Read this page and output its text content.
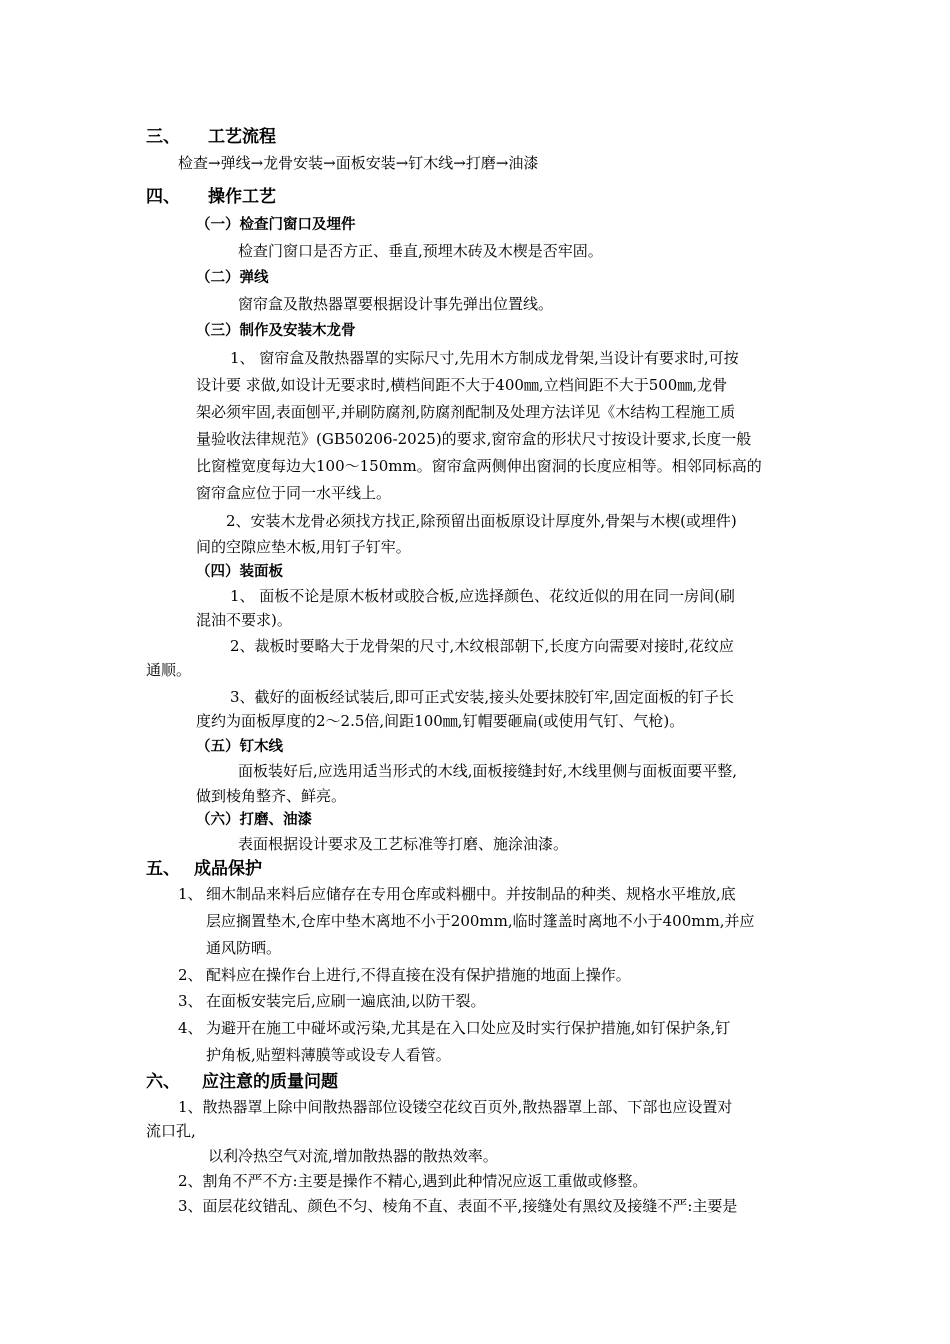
三、 工艺流程
检查→弹线→龙骨安装→面板安装→钉木线→打磨→油漆
四、 操作工艺
（一）检查门窗口及埋件
检查门窗口是否方正、垂直,预埋木砖及木楔是否牢固。
（二）弹线
窗帘盒及散热器罩要根据设计事先弹出位置线。
（三）制作及安装木龙骨
1、 窗帘盒及散热器罩的实际尺寸,先用木方制成龙骨架,当设计有要求时,可按
设计要 求做,如设计无要求时,横档间距不大于400㎜,立档间距不大于500㎜,龙骨
架必须牢固,表面刨平,并刷防腐剂,防腐剂配制及处理方法详见《木结构工程施工质
量验收法律规范》(GB50206-2025)的要求,窗帘盒的形状尺寸按设计要求,长度一般
比窗樘宽度每边大100～150mm。窗帘盒两侧伸出窗洞的长度应相等。相邻同标高的
窗帘盒应位于同一水平线上。
2、安装木龙骨必须找方找正,除预留出面板原设计厚度外,骨架与木楔(或埋件)
间的空隙应垫木板,用钉子钉牢。
（四）装面板
1、 面板不论是原木板材或胶合板,应选择颜色、花纹近似的用在同一房间(刷
混油不要求)。
2、裁板时要略大于龙骨架的尺寸,木纹根部朝下,长度方向需要对接时,花纹应
通顺。
3、截好的面板经试装后,即可正式安装,接头处要抹胶钉牢,固定面板的钉子长
度约为面板厚度的2～2.5倍,间距100㎜,钉帽要砸扁(或使用气钉、气枪)。
（五）钉木线
面板装好后,应选用适当形式的木线,面板接缝封好,木线里侧与面板面要平整,
做到棱角整齐、鲜亮。
（六）打磨、油漆
表面根据设计要求及工艺标准等打磨、施涂油漆。
五、 成品保护
1、 细木制品来料后应储存在专用仓库或料棚中。并按制品的种类、规格水平堆放,底
层应搁置垫木,仓库中垫木离地不小于200mm,临时篷盖时离地不小于400mm,并应
通风防晒。
2、 配料应在操作台上进行,不得直接在没有保护措施的地面上操作。
3、 在面板安装完后,应刷一遍底油,以防干裂。
4、 为避开在施工中碰坏或污染,尤其是在入口处应及时实行保护措施,如钉保护条,钉
护角板,贴塑料薄膜等或设专人看管。
六、 应注意的质量问题
1、散热器罩上除中间散热器部位设镂空花纹百页外,散热器罩上部、下部也应设置对
流口孔,
以利冷热空气对流,增加散热器的散热效率。
2、割角不严不方:主要是操作不精心,遇到此种情况应返工重做或修整。
3、面层花纹错乱、颜色不匀、棱角不直、表面不平,接缝处有黑纹及接缝不严:主要是
